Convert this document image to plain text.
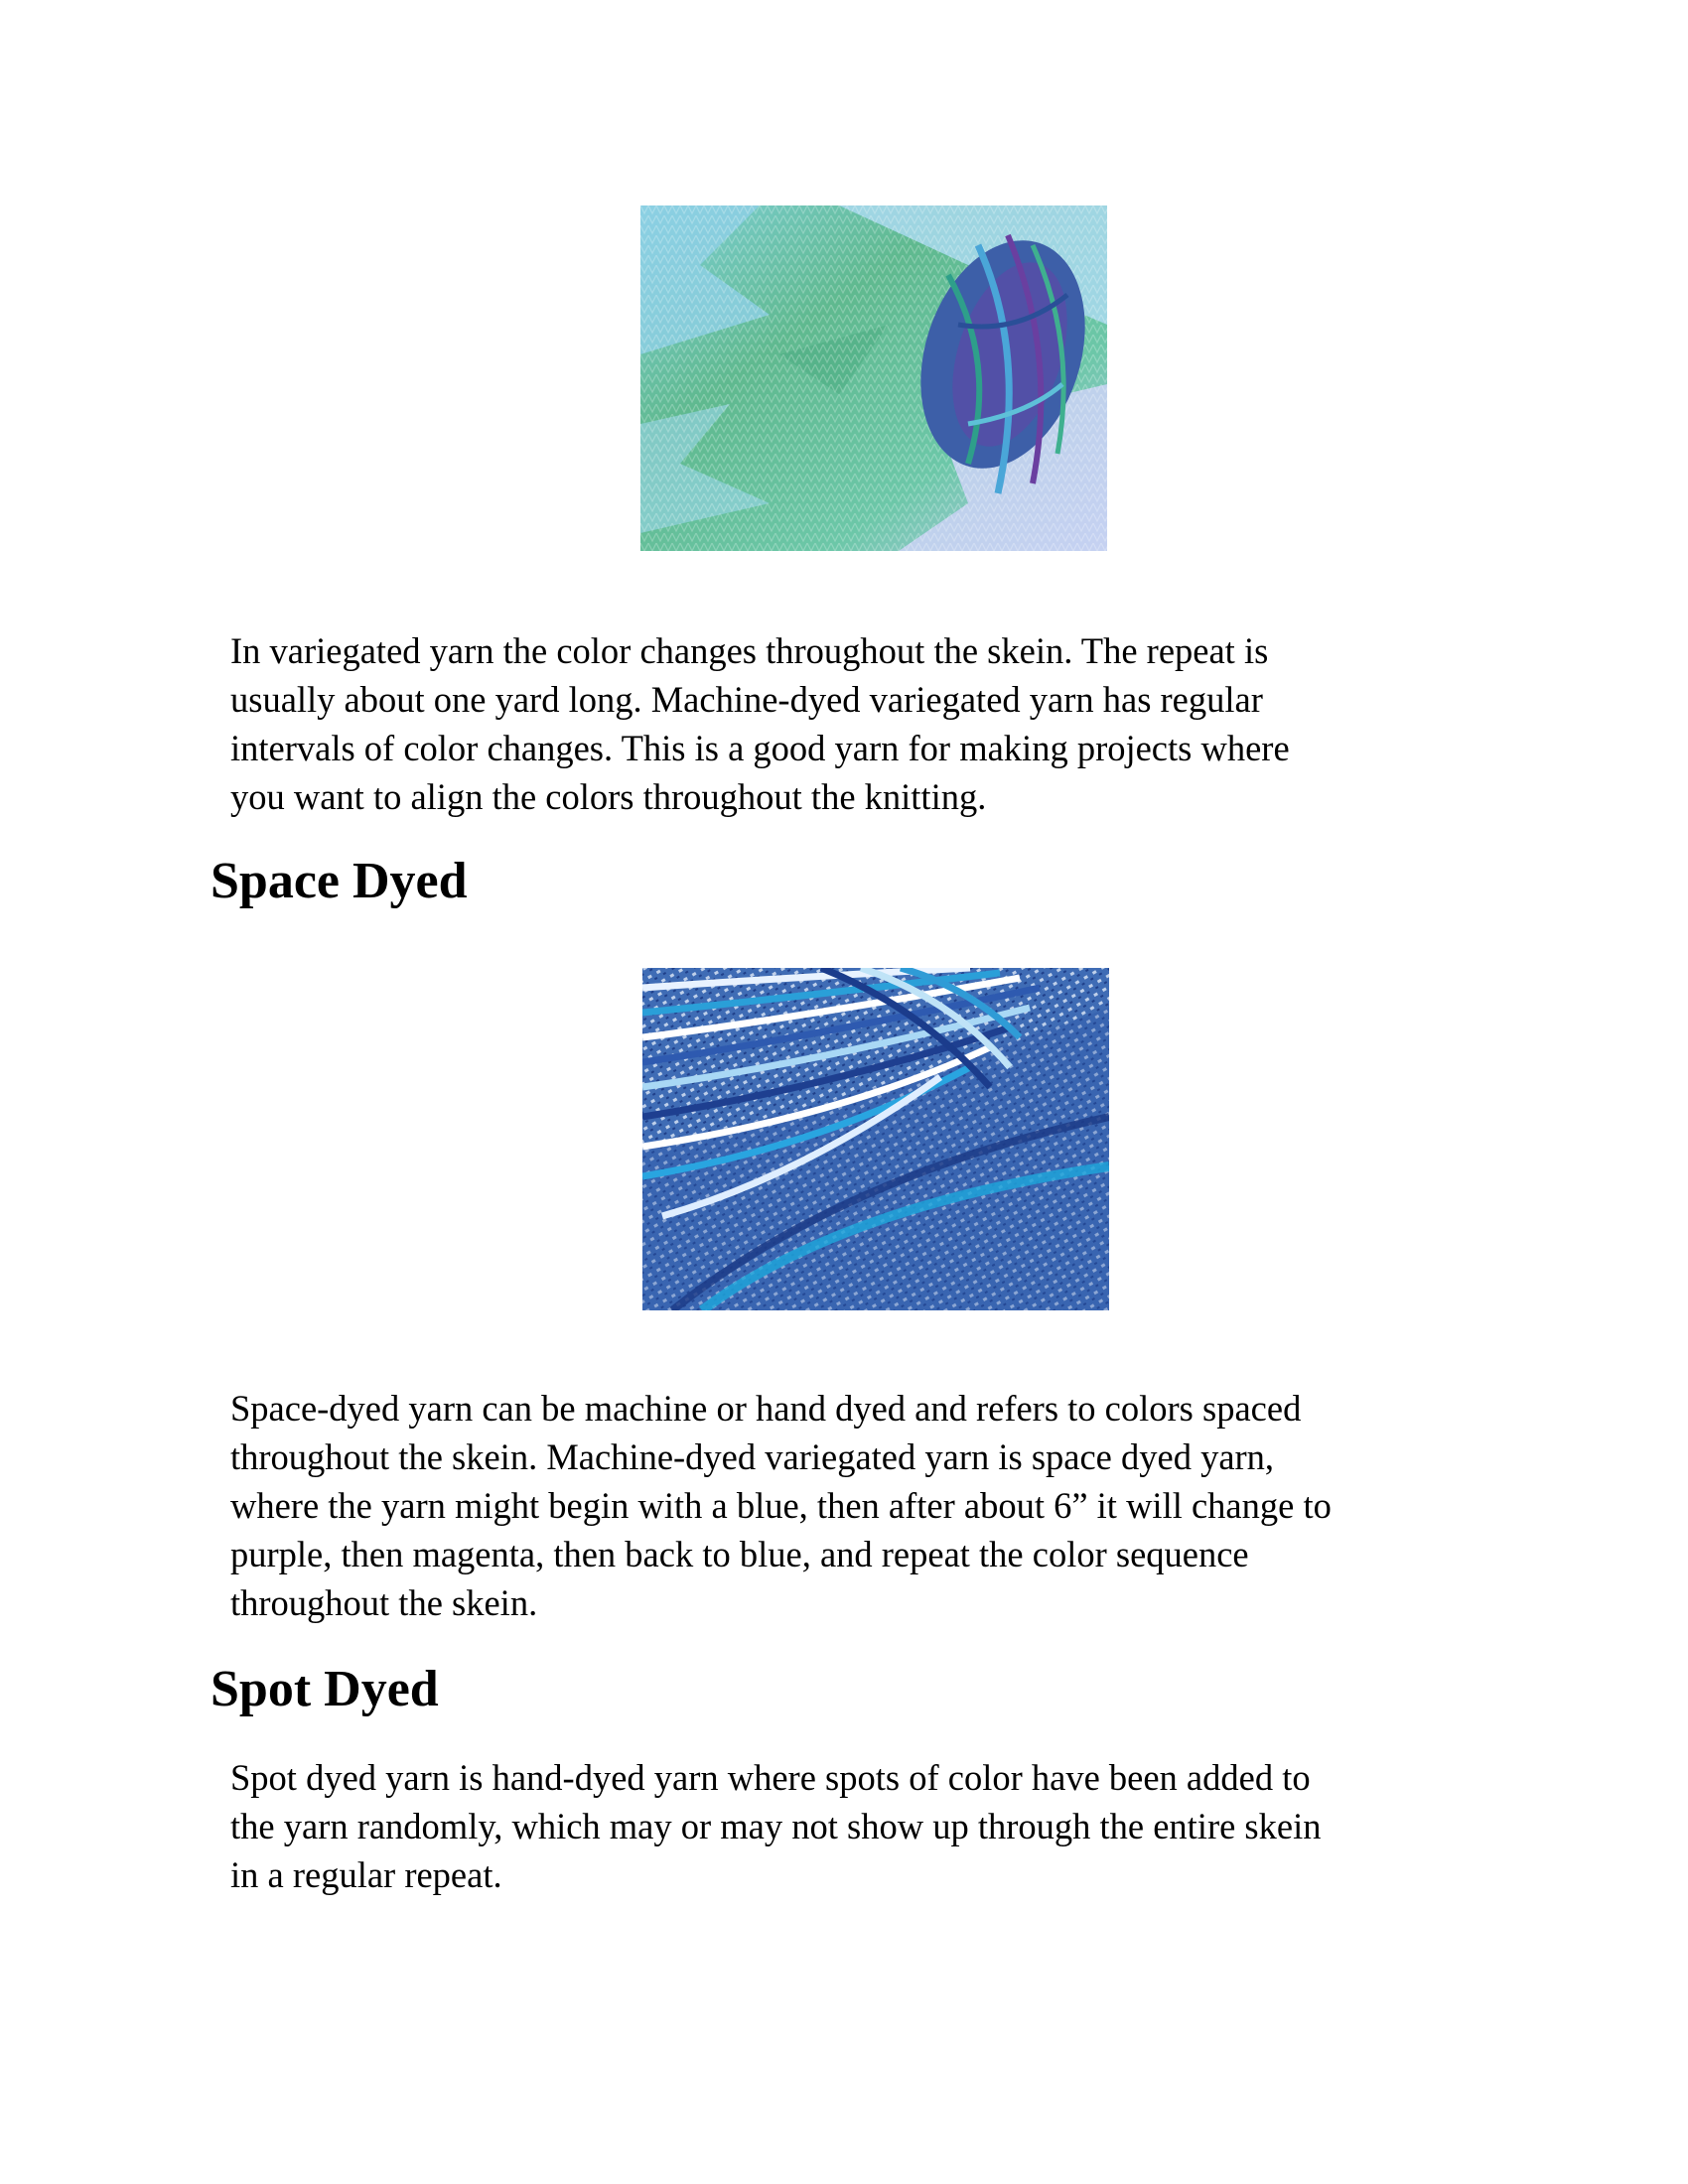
In variegated yarn the color changes throughout the skein. The repeat is
usually about one yard long. Machine-dyed variegated yarn has regular
intervals of color changes. This is a good yarn for making projects where
you want to align the colors throughout the knitting.

Space Dyed

Space-dyed yarn can be machine or hand dyed and refers to colors spaced
throughout the skein. Machine-dyed variegated yarn is space dyed yarn,
where the yarn might begin with a blue, then after about 6” it will change to
purple, then magenta, then back to blue, and repeat the color sequence
throughout the skein.

Spot Dyed

Spot dyed yarn is hand-dyed yarn where spots of color have been added to
the yarn randomly, which may or may not show up through the entire skein
in a regular repeat.
